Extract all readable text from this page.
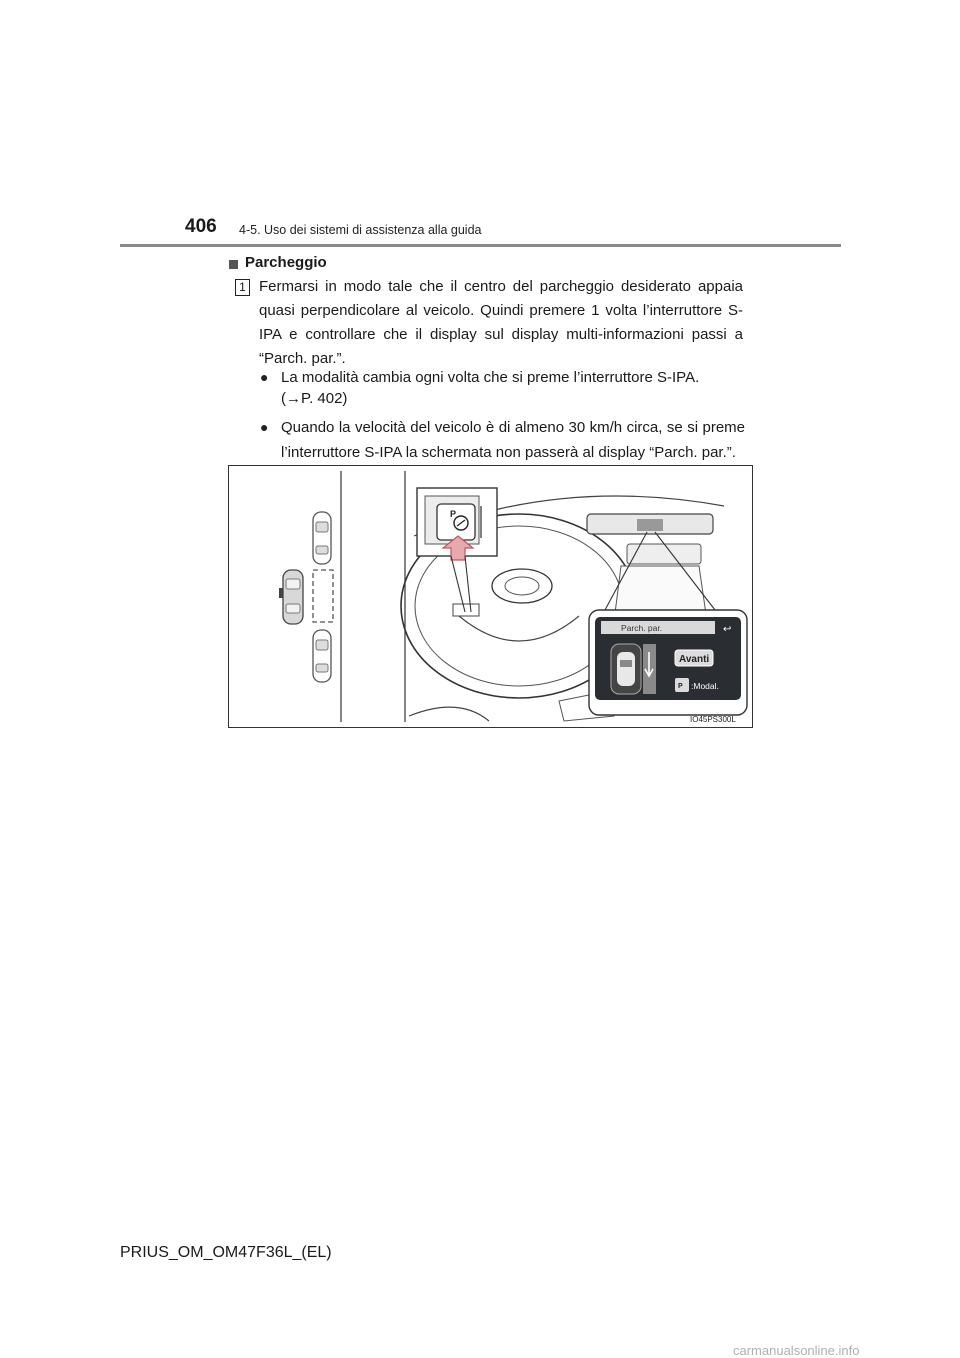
406 4-5. Uso dei sistemi di assistenza alla guida
Parcheggio
1 Fermarsi in modo tale che il centro del parcheggio desiderato appaia quasi perpendicolare al veicolo. Quindi premere 1 volta l’interruttore S-IPA e controllare che il display sul display multi-informazioni passi a “Parch. par.”.
● La modalità cambia ogni volta che si preme l’interruttore S-IPA.
(→P. 402)
● Quando la velocità del veicolo è di almeno 30 km/h circa, se si preme l’interruttore S-IPA la schermata non passerà al display “Parch. par.”.
P
Parch. par.	↩
Avanti
P :Modal.
IO45PS300L
PRIUS_OM_OM47F36L_(EL)
carmanualsonline.info
